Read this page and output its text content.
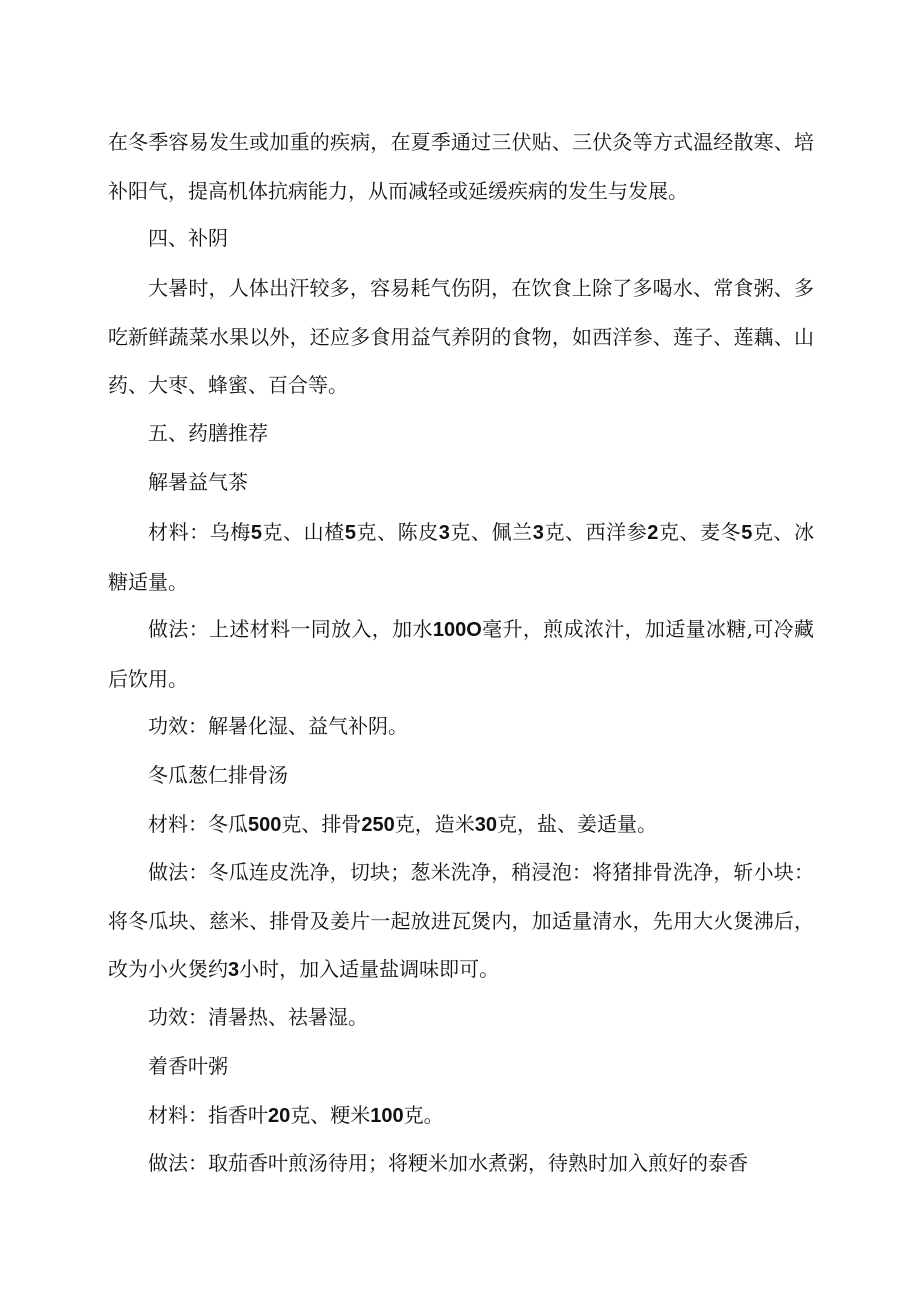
在冬季容易发生或加重的疾病，在夏季通过三伏贴、三伏灸等方式温经散寒、培补阳气，提高机体抗病能力，从而减轻或延缓疾病的发生与发展。

四、补阴

大暑时，人体出汗较多，容易耗气伤阴，在饮食上除了多喝水、常食粥、多吃新鲜蔬菜水果以外，还应多食用益气养阴的食物，如西洋参、莲子、莲藕、山药、大枣、蜂蜜、百合等。

五、药膳推荐
解暑益气茶

材料：乌梅5克、山楂5克、陈皮3克、佩兰3克、西洋参2克、麦冬5克、冰糖适量。

做法：上述材料一同放入，加水100O毫升，煎成浓汁，加适量冰糖,可冷藏后饮用。

功效：解暑化湿、益气补阴。

冬瓜葱仁排骨汤

材料：冬瓜500克、排骨250克，造米30克，盐、姜适量。

做法：冬瓜连皮洗净，切块；葱米洗净，稍浸泡：将猪排骨洗净，斩小块：将冬瓜块、慈米、排骨及姜片一起放进瓦煲内，加适量清水，先用大火煲沸后，改为小火煲约3小时，加入适量盐调味即可。

功效：清暑热、祛暑湿。

着香叶粥

材料：指香叶20克、粳米100克。

做法：取茄香叶煎汤待用；将粳米加水煮粥，待熟时加入煎好的泰香
